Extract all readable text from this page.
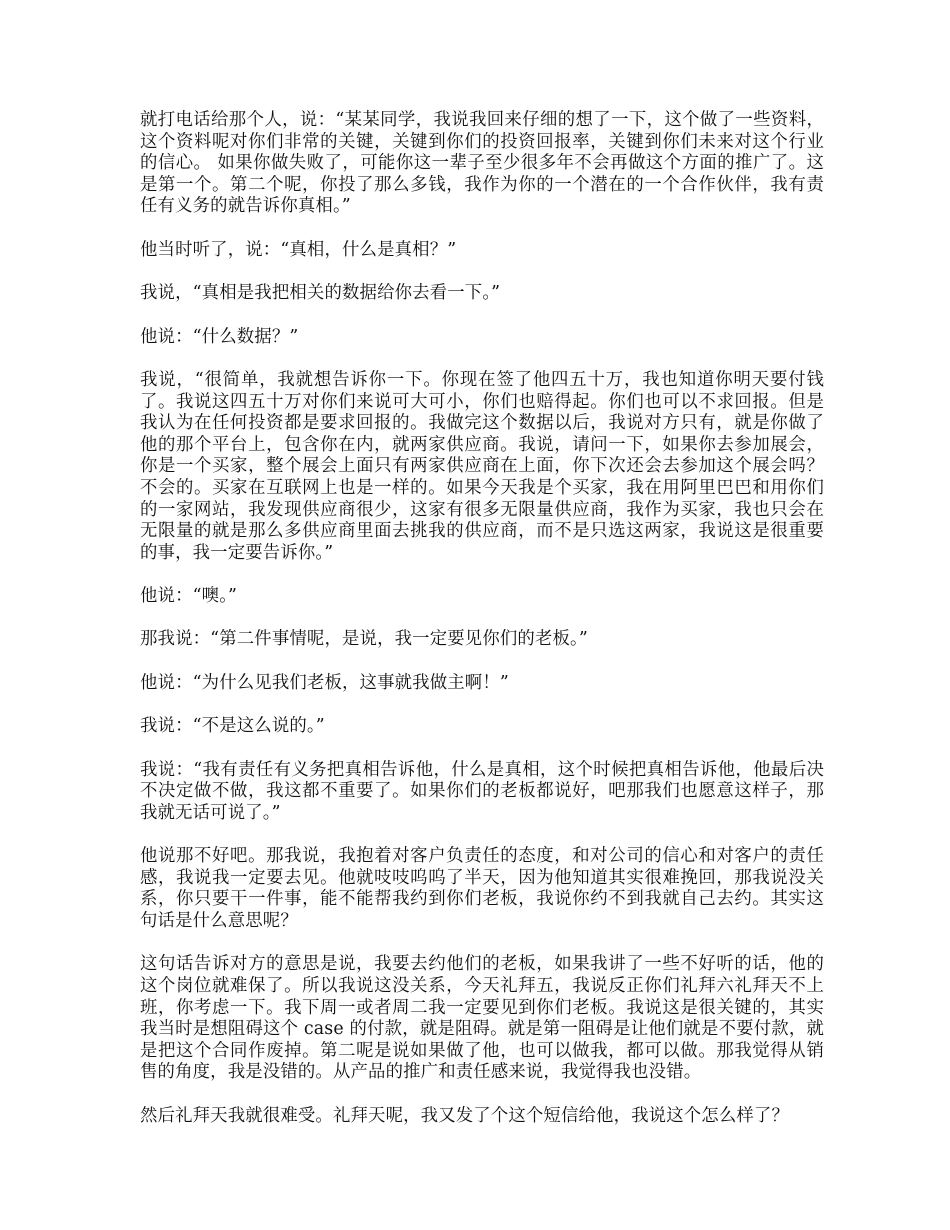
就打电话给那个人，说：“某某同学，我说我回来仔细的想了一下，这个做了一些资料，这个资料呢对你们非常的关键，关键到你们的投资回报率，关键到你们未来对这个行业的信心。 如果你做失败了，可能你这一辈子至少很多年不会再做这个方面的推广了。这是第一个。第二个呢，你投了那么多钱，我作为你的一个潜在的一个合作伙伴，我有责任有义务的就告诉你真相。”

他当时听了，说：“真相，什么是真相？”

我说，“真相是我把相关的数据给你去看一下。”

他说：“什么数据？”

我说，“很简单，我就想告诉你一下。你现在签了他四五十万，我也知道你明天要付钱了。我说这四五十万对你们来说可大可小，你们也赔得起。你们也可以不求回报。但是我认为在任何投资都是要求回报的。我做完这个数据以后，我说对方只有，就是你做了他的那个平台上，包含你在内，就两家供应商。我说，请问一下，如果你去参加展会，你是一个买家，整个展会上面只有两家供应商在上面，你下次还会去参加这个展会吗？不会的。买家在互联网上也是一样的。如果今天我是个买家，我在用阿里巴巴和用你们的一家网站，我发现供应商很少，这家有很多无限量供应商，我作为买家，我也只会在无限量的就是那么多供应商里面去挑我的供应商，而不是只选这两家，我说这是很重要的事，我一定要告诉你。”

他说：“噢。”

那我说：“第二件事情呢，是说，我一定要见你们的老板。”

他说：“为什么见我们老板，这事就我做主啊！”

我说：“不是这么说的。”

我说：“我有责任有义务把真相告诉他，什么是真相，这个时候把真相告诉他，他最后决不决定做不做，我这都不重要了。如果你们的老板都说好，吧那我们也愿意这样子，那我就无话可说了。”

他说那不好吧。那我说，我抱着对客户负责任的态度，和对公司的信心和对客户的责任感，我说我一定要去见。他就吱吱呜呜了半天，因为他知道其实很难挽回，那我说没关系，你只要干一件事，能不能帮我约到你们老板，我说你约不到我就自己去约。其实这句话是什么意思呢？

这句话告诉对方的意思是说，我要去约他们的老板，如果我讲了一些不好听的话，他的这个岗位就难保了。所以我说这没关系，今天礼拜五，我说反正你们礼拜六礼拜天不上班，你考虑一下。我下周一或者周二我一定要见到你们老板。我说这是很关键的，其实我当时是想阻碍这个 case 的付款，就是阻碍。就是第一阻碍是让他们就是不要付款，就是把这个合同作废掉。第二呢是说如果做了他，也可以做我，都可以做。那我觉得从销售的角度，我是没错的。从产品的推广和责任感来说，我觉得我也没错。

然后礼拜天我就很难受。礼拜天呢，我又发了个这个短信给他，我说这个怎么样了？
